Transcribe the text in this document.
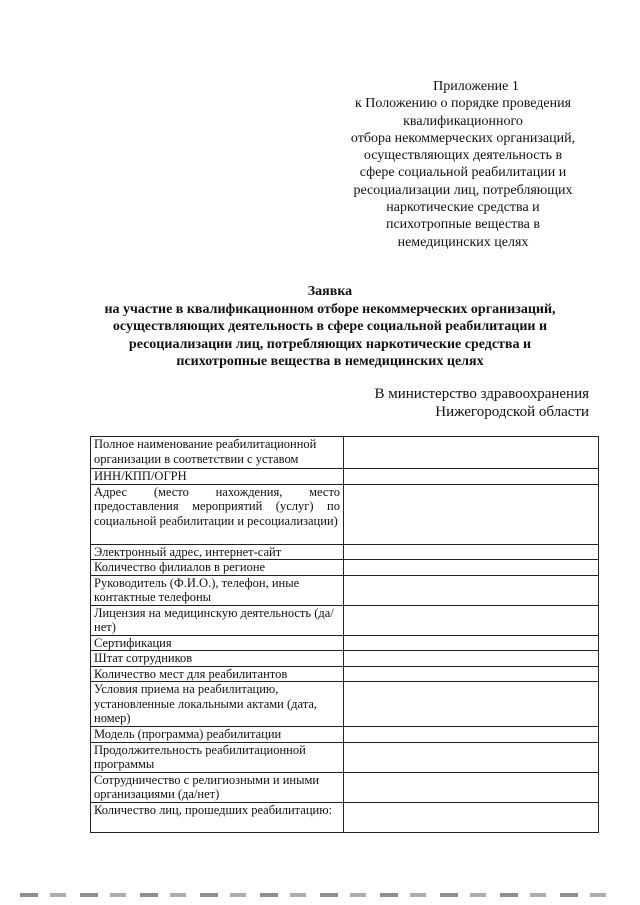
Приложение 1
к Положению о порядке проведения
квалификационного
отбора некоммерческих организаций,
осуществляющих деятельность в
сфере социальной реабилитации и
ресоциализации лиц, потребляющих
наркотические средства и
психотропные вещества в
немедицинских целях
Заявка
на участие в квалификационном отборе некоммерческих организаций,
осуществляющих деятельность в сфере социальной реабилитации и
ресоциализации лиц, потребляющих наркотические средства и
психотропные вещества в немедицинских целях
В министерство здравоохранения
Нижегородской области
Полное наименование реабилитационной организации в соответствии с уставом	
ИНН/КПП/ОГРН	
Адрес (место нахождения, место предоставления мероприятий (услуг) по социальной реабилитации и ресоциализации)	
Электронный адрес, интернет-сайт	
Количество филиалов в регионе	
Руководитель (Ф.И.О.), телефон, иные контактные телефоны	
Лицензия на медицинскую деятельность (да/нет)	
Сертификация	
Штат сотрудников	
Количество мест для реабилитантов	
Условия приема на реабилитацию, установленные локальными актами (дата, номер)	
Модель (программа) реабилитации	
Продолжительность реабилитационной программы	
Сотрудничество с религиозными и иными организациями (да/нет)	
Количество лиц, прошедших реабилитацию:	
